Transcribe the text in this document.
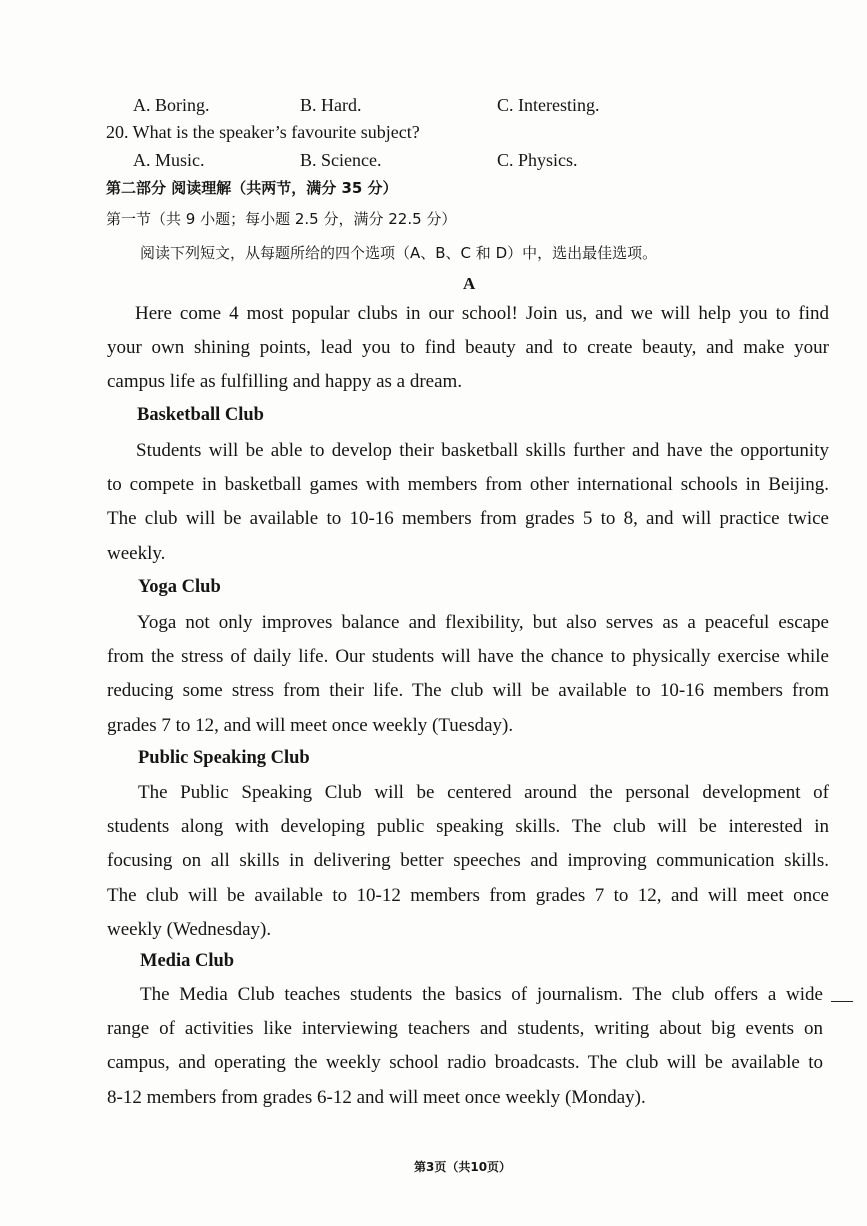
A. Boring.	B. Hard.	C. Interesting.
20. What is the speaker’s favourite subject?
A. Music.	B. Science.	C. Physics.
第二部分 阅读理解（共两节，满分 35 分）
第一节（共 9 小题；每小题 2.5 分，满分 22.5 分）
阅读下列短文，从每题所给的四个选项（A、B、C 和 D）中，选出最佳选项。
A
Here come 4 most popular clubs in our school! Join us, and we will help you to find
your own shining points, lead you to find beauty and to create beauty, and make your
campus life as fulfilling and happy as a dream.
Basketball Club
Students will be able to develop their basketball skills further and have the opportunity
to compete in basketball games with members from other international schools in Beijing.
The club will be available to 10-16 members from grades 5 to 8, and will practice twice
weekly.
Yoga Club
Yoga not only improves balance and flexibility, but also serves as a peaceful escape
from the stress of daily life. Our students will have the chance to physically exercise while
reducing some stress from their life. The club will be available to 10-16 members from
grades 7 to 12, and will meet once weekly (Tuesday).
Public Speaking Club
The Public Speaking Club will be centered around the personal development of
students along with developing public speaking skills. The club will be interested in
focusing on all skills in delivering better speeches and improving communication skills.
The club will be available to 10-12 members from grades 7 to 12, and will meet once
weekly (Wednesday).
Media Club
The Media Club teaches students the basics of journalism. The club offers a wide
range of activities like interviewing teachers and students, writing about big events on
campus, and operating the weekly school radio broadcasts. The club will be available to
8-12 members from grades 6-12 and will meet once weekly (Monday).
第3页（共10页）
